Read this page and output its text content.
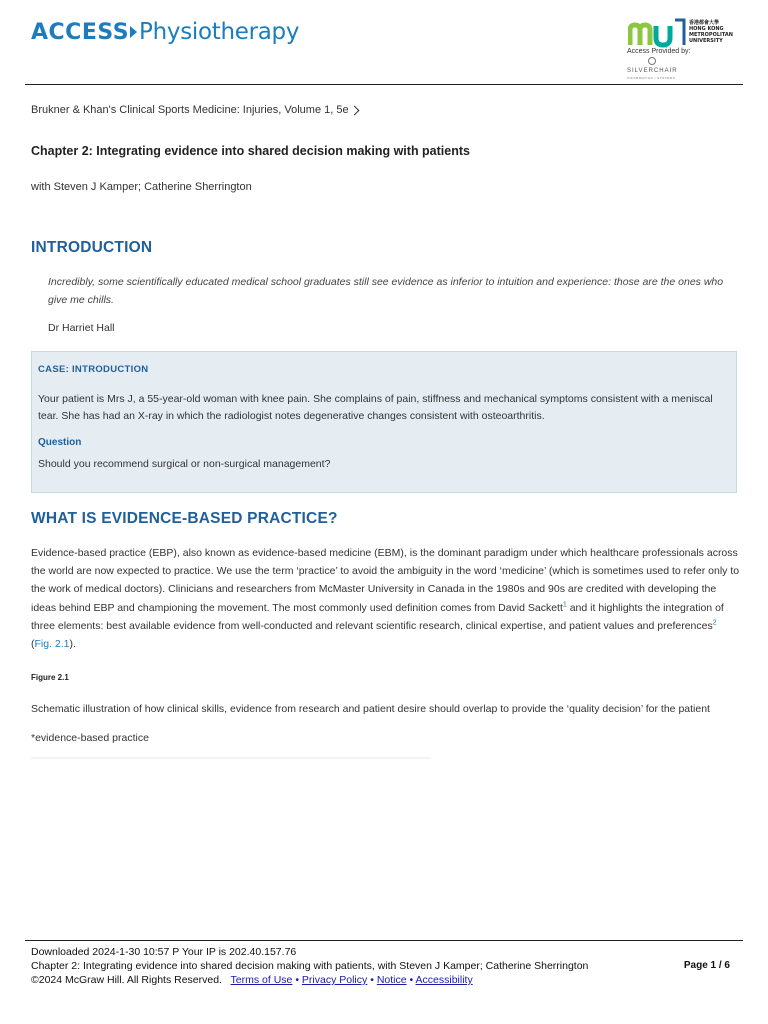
ACCESS Physiotherapy	香港都會大學
HONG KONG
METROPOLITAN
UNIVERSITY
Access Provided by:
SILVERCHAIR
INFORMATION / SYSTEMS
Brukner & Khan's Clinical Sports Medicine: Injuries, Volume 1, 5e
Chapter 2: Integrating evidence into shared decision making with patients
with Steven J Kamper; Catherine Sherrington
INTRODUCTION
Incredibly, some scientifically educated medical school graduates still see evidence as inferior to intuition and experience: those are the ones who give me chills.
Dr Harriet Hall
CASE: INTRODUCTION
Your patient is Mrs J, a 55-year-old woman with knee pain. She complains of pain, stiffness and mechanical symptoms consistent with a meniscal tear. She has had an X-ray in which the radiologist notes degenerative changes consistent with osteoarthritis.
Question
Should you recommend surgical or non-surgical management?
WHAT IS EVIDENCE-BASED PRACTICE?
Evidence-based practice (EBP), also known as evidence-based medicine (EBM), is the dominant paradigm under which healthcare professionals across the world are now expected to practice. We use the term ‘practice’ to avoid the ambiguity in the word ‘medicine’ (which is sometimes used to refer only to the work of medical doctors). Clinicians and researchers from McMaster University in Canada in the 1980s and 90s are credited with developing the ideas behind EBP and championing the movement. The most commonly used definition comes from David Sackett$^1$ and it highlights the integration of three elements: best available evidence from well-conducted and relevant scientific research, clinical expertise, and patient values and preferences$^2$
(Fig. 2.1).
Figure 2.1
Schematic illustration of how clinical skills, evidence from research and patient desire should overlap to provide the ‘quality decision’ for the patient
*evidence-based practice
Downloaded 2024-1-30 10:57 P Your IP is 202.40.157.76
Chapter 2: Integrating evidence into shared decision making with patients, with Steven J Kamper; Catherine Sherrington
©2024 McGraw Hill. All Rights Reserved. Terms of Use • Privacy Policy • Notice • Accessibility
Page 1 / 6
